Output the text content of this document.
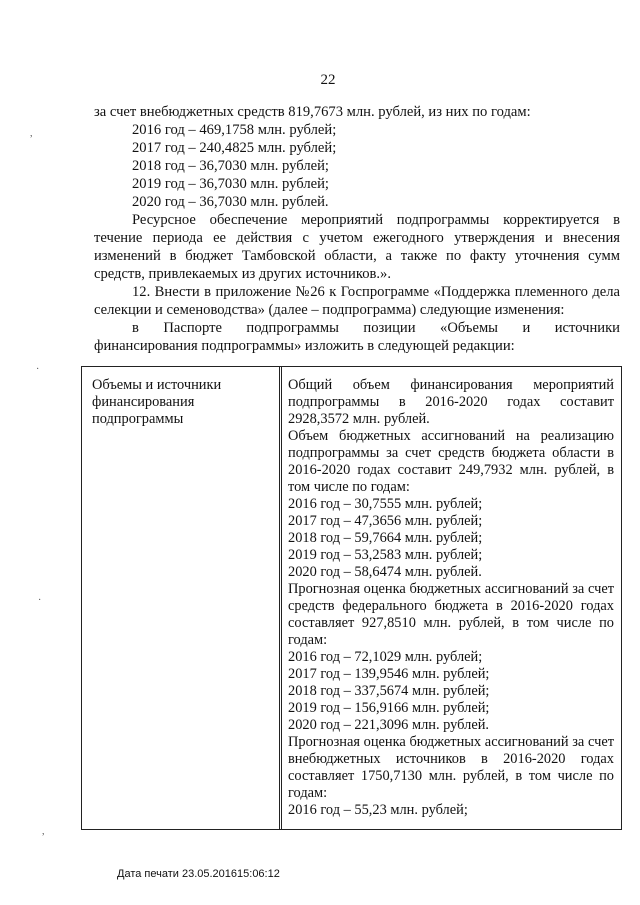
22

за счет внебюджетных средств 819,7673 млн. рублей, из них по годам:

2016 год – 469,1758 млн. рублей;

2017 год – 240,4825 млн. рублей;

2018 год – 36,7030 млн. рублей;

2019 год – 36,7030 млн. рублей;

2020 год – 36,7030 млн. рублей.

Ресурсное обеспечение мероприятий подпрограммы корректируется в течение периода ее действия с учетом ежегодного утверждения и внесения изменений в бюджет Тамбовской области, а также по факту уточнения сумм средств, привлекаемых из других источников.».

12. Внести в приложение №26 к Госпрограмме «Поддержка племенного дела селекции и семеноводства» (далее – подпрограмма) следующие изменения:

в Паспорте подпрограммы позиции «Объемы и источники

финансирования подпрограммы» изложить в следующей редакции:

Объемы и источники финансирования подпрограммы

Общий объем финансирования мероприятий подпрограммы в 2016-2020 годах составит 2928,3572 млн. рублей.

Объем бюджетных ассигнований на реализацию подпрограммы за счет средств бюджета области в 2016-2020 годах составит 249,7932 млн. рублей, в том числе по годам:

2016 год – 30,7555 млн. рублей;

2017 год – 47,3656 млн. рублей;

2018 год – 59,7664 млн. рублей;

2019 год – 53,2583 млн. рублей;

2020 год – 58,6474 млн. рублей.

Прогнозная оценка бюджетных ассигнований за счет средств федерального бюджета в 2016-2020 годах составляет 927,8510 млн. рублей, в том числе по годам:

2016 год – 72,1029 млн. рублей;

2017 год – 139,9546 млн. рублей;

2018 год – 337,5674 млн. рублей;

2019 год – 156,9166 млн. рублей;

2020 год – 221,3096 млн. рублей.

Прогнозная оценка бюджетных ассигнований за счет внебюджетных источников в 2016-2020 годах составляет 1750,7130 млн. рублей, в том числе по годам:

2016 год – 55,23 млн. рублей;

,
·
·
,
Дата печати 23.05.201615:06:12
